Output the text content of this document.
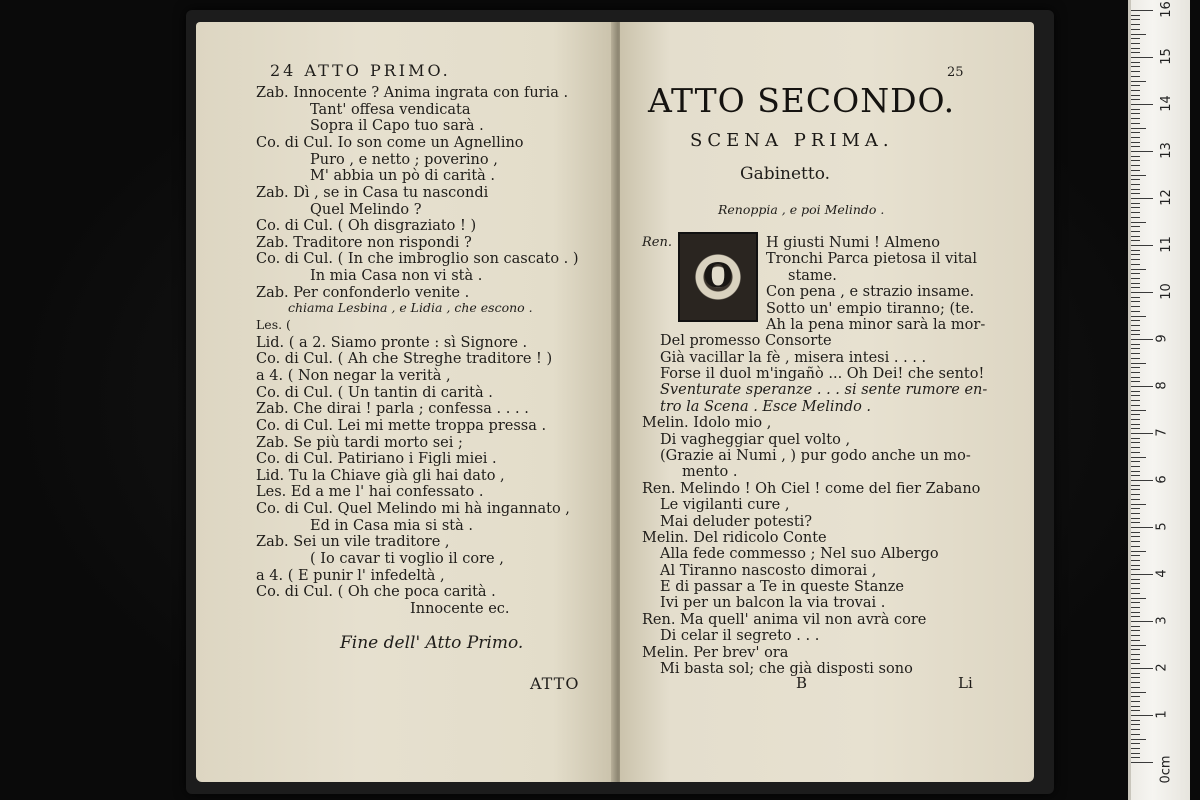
24 ATTO PRIMO.
Zab. Innocente ? Anima ingrata con furia .
Tant' offesa vendicata
Sopra il Capo tuo sarà .
Co. di Cul. Io son come un Agnellino
Puro , e netto ; poverino ,
M' abbia un pò di carità .
Zab. Dì , se in Casa tu nascondi
Quel Melindo ?
Co. di Cul. ( Oh disgraziato ! )
Zab. Traditore non rispondi ?
Co. di Cul. ( In che imbroglio son cascato . )
In mia Casa non vi stà .
Zab. Per confonderlo venite .
chiama Lesbina , e Lidia , che escono .
Les. (
Lid. ( a 2. Siamo pronte : sì Signore .
Co. di Cul. ( Ah che Streghe traditore ! )
a 4. ( Non negar la verità ,
Co. di Cul. ( Un tantin di carità .
Zab. Che dirai ! parla ; confessa . . . .
Co. di Cul. Lei mi mette troppa pressa .
Zab. Se più tardi morto sei ;
Co. di Cul. Patiriano i Figli miei .
Lid. Tu la Chiave già gli hai dato ,
Les. Ed a me l' hai confessato .
Co. di Cul. Quel Melindo mi hà ingannato ,
Ed in Casa mia si stà .
Zab. Sei un vile traditore ,
( Io cavar ti voglio il core ,
a 4. ( E punir l' infedeltà ,
Co. di Cul. ( Oh che poca carità .
Innocente ec.
Fine dell' Atto Primo.
ATTO
25
ATTO SECONDO.
SCENA PRIMA.
Gabinetto.
Renoppia , e poi Melindo .
Ren.
O
H giusti Numi ! Almeno
Tronchi Parca pietosa il vital
stame.
Con pena , e strazio insame.
Sotto un' empio tiranno; (te.
Ah la pena minor sarà la mor-
Del promesso Consorte
Già vacillar la fè , misera intesi . . . .
Forse il duol m'ingañò ... Oh Dei! che sento!
Sventurate speranze . . . si sente rumore en-
tro la Scena . Esce Melindo .
Melin. Idolo mio ,
Di vagheggiar quel volto ,
(Grazie ai Numi , ) pur godo anche un mo-
mento .
Ren. Melindo ! Oh Ciel ! come del fier Zabano
Le vigilanti cure ,
Mai deluder potesti?
Melin. Del ridicolo Conte
Alla fede commesso ; Nel suo Albergo
Al Tiranno nascosto dimorai ,
E di passar a Te in queste Stanze
Ivi per un balcon la via trovai .
Ren. Ma quell' anima vil non avrà core
Di celar il segreto . . .
Melin. Per brev' ora
Mi basta sol; che già disposti sono
B	Li
1
2
3
4
5
6
7
8
9
10
11
12
13
14
15
16
0cm
